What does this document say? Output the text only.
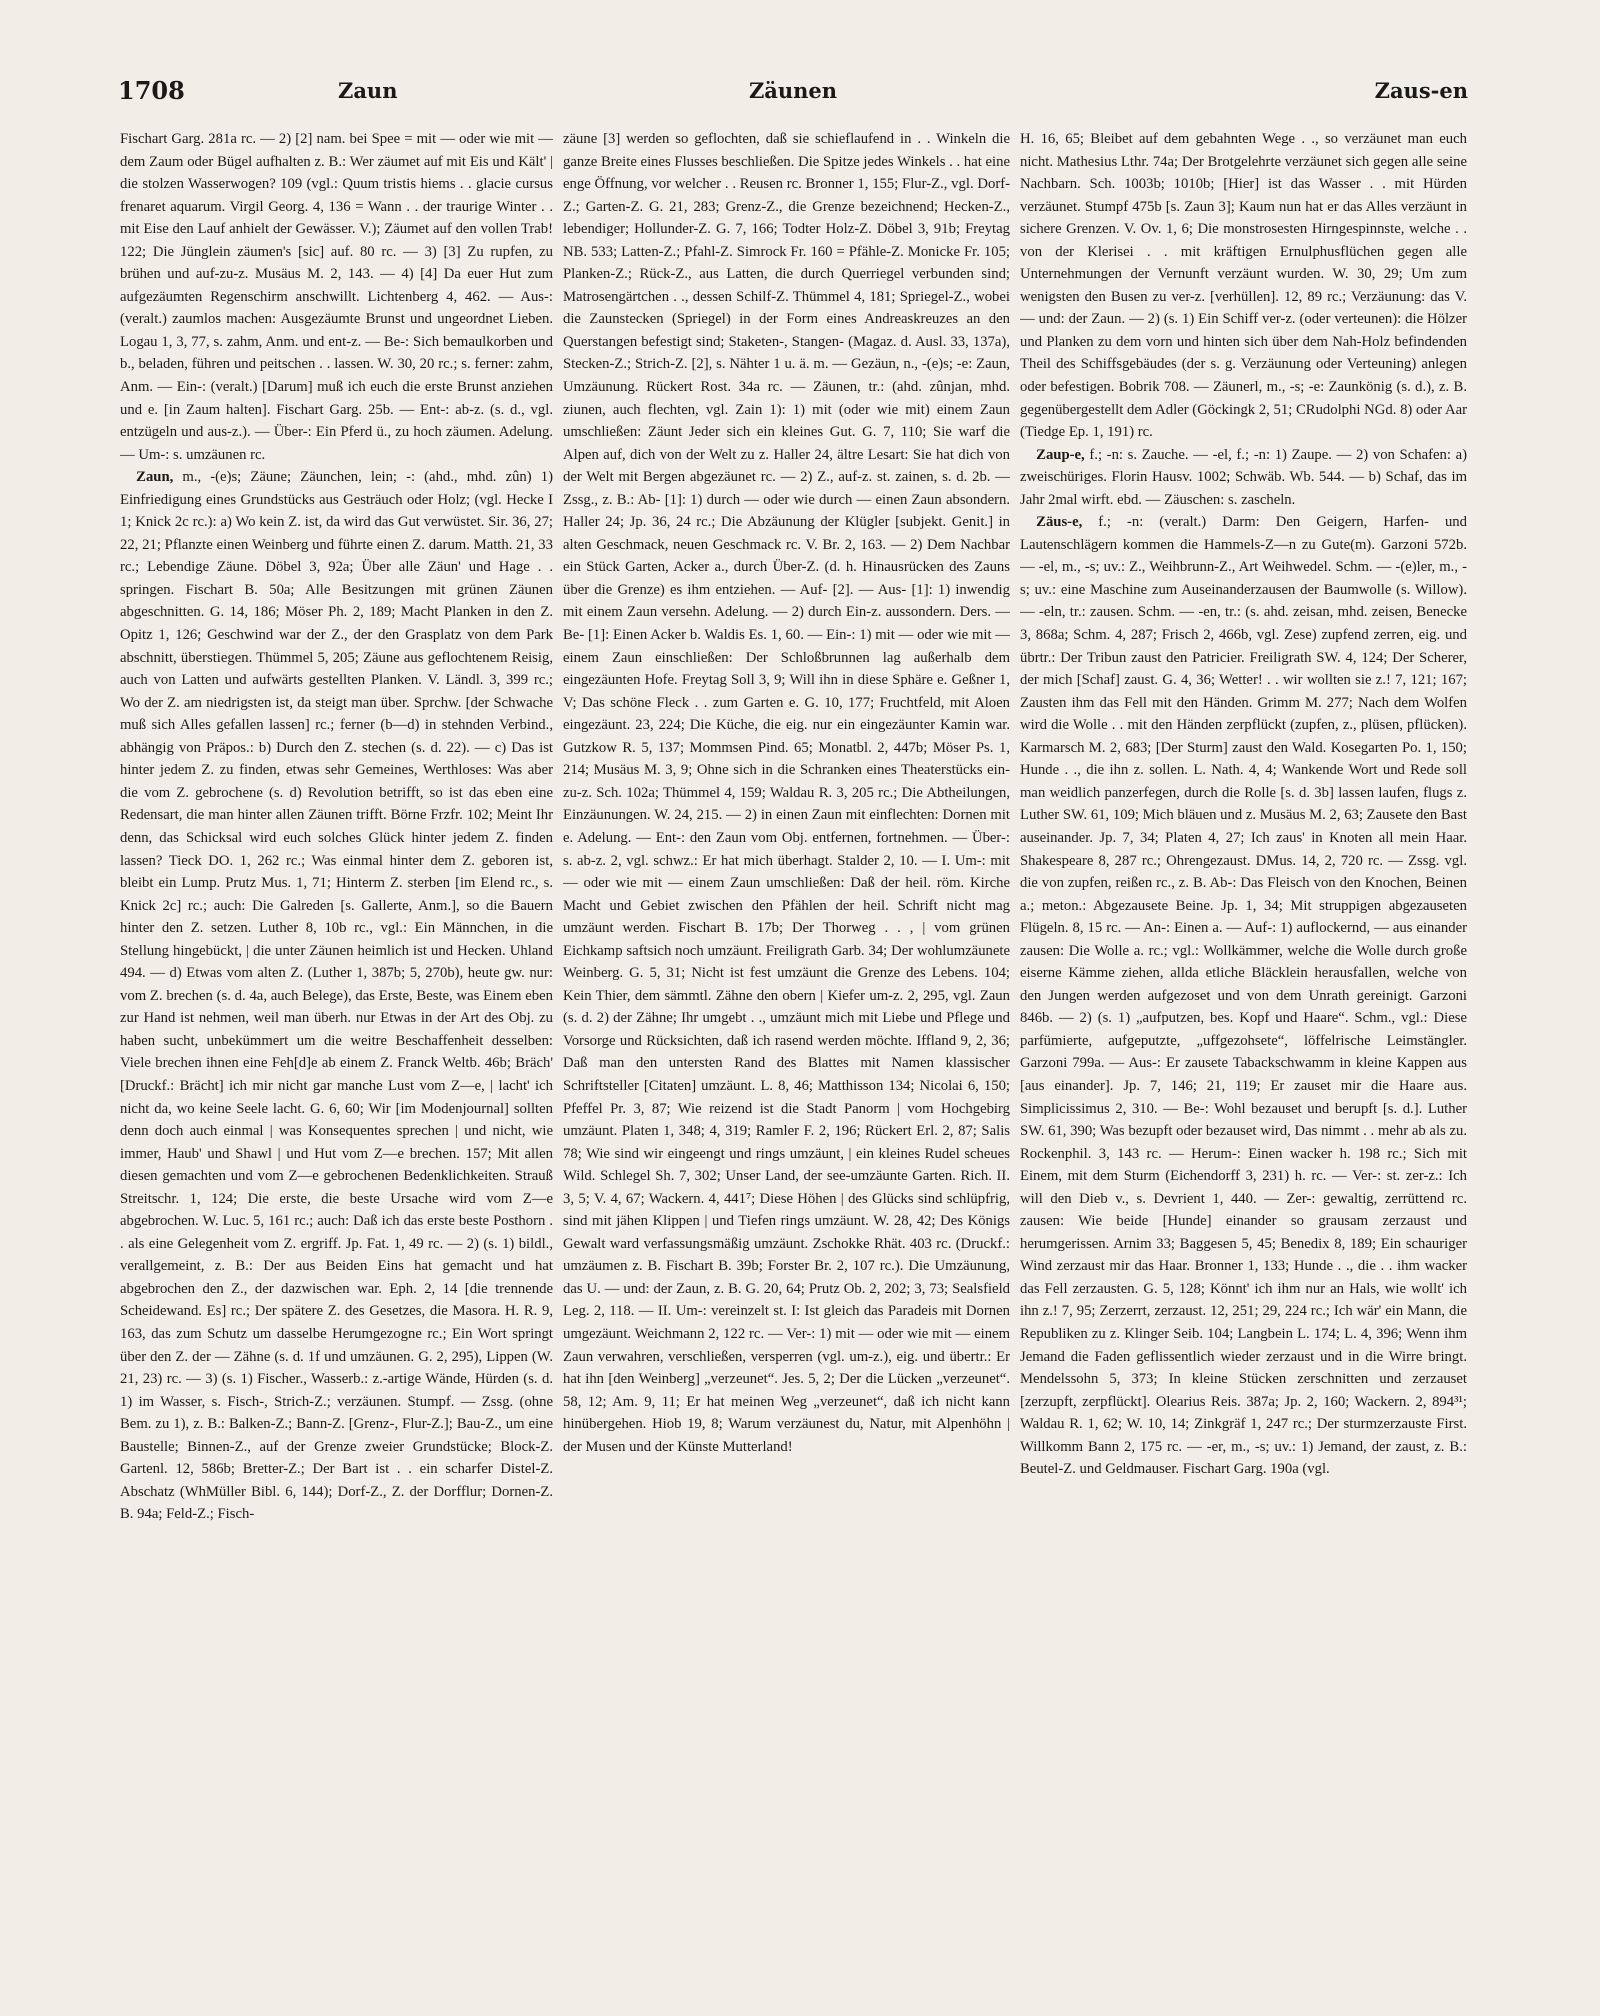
1708	Zaun	Zäunen	Zaus-en

Fischart Garg. 281a rc. — 2) [2] nam. bei Spee = mit — oder wie mit — dem Zaum oder Bügel aufhalten z. B.: Wer zäumet auf mit Eis und Kält' | die stolzen Wasserwogen? 109 (vgl.: Quum tristis hiems . . glacie cursus frenaret aquarum. Virgil Georg. 4, 136 = Wann . . der traurige Winter . . mit Eise den Lauf anhielt der Gewässer. V.); Zäumet auf den vollen Trab! 122; Die Jünglein zäumen's [sic] auf. 80 rc. — 3) [3] Zu rupfen, zu brühen und auf-zu-z. Musäus M. 2, 143. — 4) [4] Da euer Hut zum aufgezäumten Regenschirm anschwillt. Lichtenberg 4, 462. — Aus-: (veralt.) zaumlos machen: Ausgezäumte Brunst und ungeordnet Lieben. Logau 1, 3, 77, s. zahm, Anm. und ent-z. — Be-: Sich bemaulkorben und b., beladen, führen und peitschen . . lassen. W. 30, 20 rc.; s. ferner: zahm, Anm. — Ein-: (veralt.) [Darum] muß ich euch die erste Brunst anziehen und e. [in Zaum halten]. Fischart Garg. 25b. — Ent-: ab-z. (s. d., vgl. entzügeln und aus-z.). — Über-: Ein Pferd ü., zu hoch zäumen. Adelung. — Um-: s. umzäunen rc.

Zaun, m., -(e)s; Zäune; Zäunchen, lein; -: (ahd., mhd. zûn) 1) Einfriedigung eines Grundstücks aus Gesträuch oder Holz; (vgl. Hecke I 1; Knick 2c rc.): a) Wo kein Z. ist, da wird das Gut verwüstet. Sir. 36, 27; 22, 21; Pflanzte einen Weinberg und führte einen Z. darum. Matth. 21, 33 rc.; Lebendige Zäune. Döbel 3, 92a; Über alle Zäun' und Hage . . springen. Fischart B. 50a; Alle Besitzungen mit grünen Zäunen abgeschnitten. G. 14, 186; Möser Ph. 2, 189; Macht Planken in den Z. Opitz 1, 126; Geschwind war der Z., der den Grasplatz von dem Park abschnitt, überstiegen. Thümmel 5, 205; Zäune aus geflochtenem Reisig, auch von Latten und aufwärts gestellten Planken. V. Ländl. 3, 399 rc.; Wo der Z. am niedrigsten ist, da steigt man über. Sprchw. [der Schwache muß sich Alles gefallen lassen] rc.; ferner (b—d) in stehnden Verbind., abhängig von Präpos.: b) Durch den Z. stechen (s. d. 22). — c) Das ist hinter jedem Z. zu finden, etwas sehr Gemeines, Werthloses: Was aber die vom Z. gebrochene (s. d) Revolution betrifft, so ist das eben eine Redensart, die man hinter allen Zäunen trifft. Börne Frzfr. 102; Meint Ihr denn, das Schicksal wird euch solches Glück hinter jedem Z. finden lassen? Tieck DO. 1, 262 rc.; Was einmal hinter dem Z. geboren ist, bleibt ein Lump. Prutz Mus. 1, 71; Hinterm Z. sterben [im Elend rc., s. Knick 2c] rc.; auch: Die Galreden [s. Gallerte, Anm.], so die Bauern hinter den Z. setzen. Luther 8, 10b rc., vgl.: Ein Männchen, in die Stellung hingebückt, | die unter Zäunen heimlich ist und Hecken. Uhland 494. — d) Etwas vom alten Z. (Luther 1, 387b; 5, 270b), heute gw. nur: vom Z. brechen (s. d. 4a, auch Belege), das Erste, Beste, was Einem eben zur Hand ist nehmen, weil man überh. nur Etwas in der Art des Obj. zu haben sucht, unbekümmert um die weitre Beschaffenheit desselben: Viele brechen ihnen eine Feh[d]e ab einem Z. Franck Weltb. 46b; Bräch' [Druckf.: Brächt] ich mir nicht gar manche Lust vom Z—e, | lacht' ich nicht da, wo keine Seele lacht. G. 6, 60; Wir [im Modenjournal] sollten denn doch auch einmal | was Konsequentes sprechen | und nicht, wie immer, Haub' und Shawl | und Hut vom Z—e brechen. 157; Mit allen diesen gemachten und vom Z—e gebrochenen Bedenklichkeiten. Strauß Streitschr. 1, 124; Die erste, die beste Ursache wird vom Z—e abgebrochen. W. Luc. 5, 161 rc.; auch: Daß ich das erste beste Posthorn . . als eine Gelegenheit vom Z. ergriff. Jp. Fat. 1, 49 rc. — 2) (s. 1) bildl., verallgemeint, z. B.: Der aus Beiden Eins hat gemacht und hat abgebrochen den Z., der dazwischen war. Eph. 2, 14 [die trennende Scheidewand. Es] rc.; Der spätere Z. des Gesetzes, die Masora. H. R. 9, 163, das zum Schutz um dasselbe Herumgezogne rc.; Ein Wort springt über den Z. der — Zähne (s. d. 1f und umzäunen. G. 2, 295), Lippen (W. 21, 23) rc. — 3) (s. 1) Fischer., Wasserb.: z.-artige Wände, Hürden (s. d. 1) im Wasser, s. Fisch-, Strich-Z.; verzäunen. Stumpf. — Zssg. (ohne Bem. zu 1), z. B.: Balken-Z.; Bann-Z. [Grenz-, Flur-Z.]; Bau-Z., um eine Baustelle; Binnen-Z., auf der Grenze zweier Grundstücke; Block-Z. Gartenl. 12, 586b; Bretter-Z.; Der Bart ist . . ein scharfer Distel-Z. Abschatz (WhMüller Bibl. 6, 144); Dorf-Z., Z. der Dorfflur; Dornen-Z. B. 94a; Feld-Z.; Fisch-

zäune [3] werden so geflochten, daß sie schieflaufend in . . Winkeln die ganze Breite eines Flusses beschließen. Die Spitze jedes Winkels . . hat eine enge Öffnung, vor welcher . . Reusen rc. Bronner 1, 155; Flur-Z., vgl. Dorf-Z.; Garten-Z. G. 21, 283; Grenz-Z., die Grenze bezeichnend; Hecken-Z., lebendiger; Hollunder-Z. G. 7, 166; Todter Holz-Z. Döbel 3, 91b; Freytag NB. 533; Latten-Z.; Pfahl-Z. Simrock Fr. 160 = Pfähle-Z. Monicke Fr. 105; Planken-Z.; Rück-Z., aus Latten, die durch Querriegel verbunden sind; Matrosengärtchen . ., dessen Schilf-Z. Thümmel 4, 181; Spriegel-Z., wobei die Zaunstecken (Spriegel) in der Form eines Andreaskreuzes an den Querstangen befestigt sind; Staketen-, Stangen- (Magaz. d. Ausl. 33, 137a), Stecken-Z.; Strich-Z. [2], s. Nähter 1 u. ä. m. — Gezäun, n., -(e)s; -e: Zaun, Umzäunung. Rückert Rost. 34a rc. — Zäunen, tr.: (ahd. zûnjan, mhd. ziunen, auch flechten, vgl. Zain 1): 1) mit (oder wie mit) einem Zaun umschließen: Zäunt Jeder sich ein kleines Gut. G. 7, 110; Sie warf die Alpen auf, dich von der Welt zu z. Haller 24, ältre Lesart: Sie hat dich von der Welt mit Bergen abgezäunet rc. — 2) Z., auf-z. st. zainen, s. d. 2b. — Zssg., z. B.: Ab- [1]: 1) durch — oder wie durch — einen Zaun absondern. Haller 24; Jp. 36, 24 rc.; Die Abzäunung der Klügler [subjekt. Genit.] in alten Geschmack, neuen Geschmack rc. V. Br. 2, 163. — 2) Dem Nachbar ein Stück Garten, Acker a., durch Über-Z. (d. h. Hinausrücken des Zauns über die Grenze) es ihm entziehen. — Auf- [2]. — Aus- [1]: 1) inwendig mit einem Zaun versehn. Adelung. — 2) durch Ein-z. aussondern. Ders. — Be- [1]: Einen Acker b. Waldis Es. 1, 60. — Ein-: 1) mit — oder wie mit — einem Zaun einschließen: Der Schloßbrunnen lag außerhalb dem eingezäunten Hofe. Freytag Soll 3, 9; Will ihn in diese Sphäre e. Geßner 1, V; Das schöne Fleck . . zum Garten e. G. 10, 177; Fruchtfeld, mit Aloen eingezäunt. 23, 224; Die Küche, die eig. nur ein eingezäunter Kamin war. Gutzkow R. 5, 137; Mommsen Pind. 65; Monatbl. 2, 447b; Möser Ps. 1, 214; Musäus M. 3, 9; Ohne sich in die Schranken eines Theaterstücks ein-zu-z. Sch. 102a; Thümmel 4, 159; Waldau R. 3, 205 rc.; Die Abtheilungen, Einzäunungen. W. 24, 215. — 2) in einen Zaun mit einflechten: Dornen mit e. Adelung. — Ent-: den Zaun vom Obj. entfernen, fortnehmen. — Über-: s. ab-z. 2, vgl. schwz.: Er hat mich überhagt. Stalder 2, 10. — I. Um-: mit — oder wie mit — einem Zaun umschließen: Daß der heil. röm. Kirche Macht und Gebiet zwischen den Pfählen der heil. Schrift nicht mag umzäunt werden. Fischart B. 17b; Der Thorweg . . , | vom grünen Eichkamp saftsich noch umzäunt. Freiligrath Garb. 34; Der wohlumzäunete Weinberg. G. 5, 31; Nicht ist fest umzäunt die Grenze des Lebens. 104; Kein Thier, dem sämmtl. Zähne den obern | Kiefer um-z. 2, 295, vgl. Zaun (s. d. 2) der Zähne; Ihr umgebt . ., umzäunt mich mit Liebe und Pflege und Vorsorge und Rücksichten, daß ich rasend werden möchte. Iffland 9, 2, 36; Daß man den untersten Rand des Blattes mit Namen klassischer Schriftsteller [Citaten] umzäunt. L. 8, 46; Matthisson 134; Nicolai 6, 150; Pfeffel Pr. 3, 87; Wie reizend ist die Stadt Panorm | vom Hochgebirg umzäunt. Platen 1, 348; 4, 319; Ramler F. 2, 196; Rückert Erl. 2, 87; Salis 78; Wie sind wir eingeengt und rings umzäunt, | ein kleines Rudel scheues Wild. Schlegel Sh. 7, 302; Unser Land, der see-umzäunte Garten. Rich. II. 3, 5; V. 4, 67; Wackern. 4, 441⁷; Diese Höhen | des Glücks sind schlüpfrig, sind mit jähen Klippen | und Tiefen rings umzäunt. W. 28, 42; Des Königs Gewalt ward verfassungsmäßig umzäunt. Zschokke Rhät. 403 rc. (Druckf.: umzäumen z. B. Fischart B. 39b; Forster Br. 2, 107 rc.). Die Umzäunung, das U. — und: der Zaun, z. B. G. 20, 64; Prutz Ob. 2, 202; 3, 73; Sealsfield Leg. 2, 118. — II. Um-: vereinzelt st. I: Ist gleich das Paradeis mit Dornen umgezäunt. Weichmann 2, 122 rc. — Ver-: 1) mit — oder wie mit — einem Zaun verwahren, verschließen, versperren (vgl. um-z.), eig. und übertr.: Er hat ihn [den Weinberg] „verzeunet“. Jes. 5, 2; Der die Lücken „verzeunet“. 58, 12; Am. 9, 11; Er hat meinen Weg „verzeunet“, daß ich nicht kann hinübergehen. Hiob 19, 8; Warum verzäunest du, Natur, mit Alpenhöhn | der Musen und der Künste Mutterland!

H. 16, 65; Bleibet auf dem gebahnten Wege . ., so verzäunet man euch nicht. Mathesius Lthr. 74a; Der Brotgelehrte verzäunet sich gegen alle seine Nachbarn. Sch. 1003b; 1010b; [Hier] ist das Wasser . . mit Hürden verzäunet. Stumpf 475b [s. Zaun 3]; Kaum nun hat er das Alles verzäunt in sichere Grenzen. V. Ov. 1, 6; Die monstrosesten Hirngespinnste, welche . . von der Klerisei . . mit kräftigen Ernulphusflüchen gegen alle Unternehmungen der Vernunft verzäunt wurden. W. 30, 29; Um zum wenigsten den Busen zu ver-z. [verhüllen]. 12, 89 rc.; Verzäunung: das V. — und: der Zaun. — 2) (s. 1) Ein Schiff ver-z. (oder verteunen): die Hölzer und Planken zu dem vorn und hinten sich über dem Nah-Holz befindenden Theil des Schiffsgebäudes (der s. g. Verzäunung oder Verteuning) anlegen oder befestigen. Bobrik 708. — Zäunerl, m., -s; -e: Zaunkönig (s. d.), z. B. gegenübergestellt dem Adler (Göckingk 2, 51; CRudolphi NGd. 8) oder Aar (Tiedge Ep. 1, 191) rc.

Zaup-e, f.; -n: s. Zauche. — -el, f.; -n: 1) Zaupe. — 2) von Schafen: a) zweischüriges. Florin Hausv. 1002; Schwäb. Wb. 544. — b) Schaf, das im Jahr 2mal wirft. ebd. — Zäuschen: s. zascheln.

Zäus-e, f.; -n: (veralt.) Darm: Den Geigern, Harfen- und Lautenschlägern kommen die Hammels-Z—n zu Gute(m). Garzoni 572b. — -el, m., -s; uv.: Z., Weihbrunn-Z., Art Weihwedel. Schm. — -(e)ler, m., -s; uv.: eine Maschine zum Auseinanderzausen der Baumwolle (s. Willow). — -eln, tr.: zausen. Schm. — -en, tr.: (s. ahd. zeisan, mhd. zeisen, Benecke 3, 868a; Schm. 4, 287; Frisch 2, 466b, vgl. Zese) zupfend zerren, eig. und übrtr.: Der Tribun zaust den Patricier. Freiligrath SW. 4, 124; Der Scherer, der mich [Schaf] zaust. G. 4, 36; Wetter! . . wir wollten sie z.! 7, 121; 167; Zausten ihm das Fell mit den Händen. Grimm M. 277; Nach dem Wolfen wird die Wolle . . mit den Händen zerpflückt (zupfen, z., plüsen, pflücken). Karmarsch M. 2, 683; [Der Sturm] zaust den Wald. Kosegarten Po. 1, 150; Hunde . ., die ihn z. sollen. L. Nath. 4, 4; Wankende Wort und Rede soll man weidlich panzerfegen, durch die Rolle [s. d. 3b] lassen laufen, flugs z. Luther SW. 61, 109; Mich bläuen und z. Musäus M. 2, 63; Zausete den Bast auseinander. Jp. 7, 34; Platen 4, 27; Ich zaus' in Knoten all mein Haar. Shakespeare 8, 287 rc.; Ohrengezaust. DMus. 14, 2, 720 rc. — Zssg. vgl. die von zupfen, reißen rc., z. B. Ab-: Das Fleisch von den Knochen, Beinen a.; meton.: Abgezausete Beine. Jp. 1, 34; Mit struppigen abgezauseten Flügeln. 8, 15 rc. — An-: Einen a. — Auf-: 1) auflockernd, — aus einander zausen: Die Wolle a. rc.; vgl.: Wollkämmer, welche die Wolle durch große eiserne Kämme ziehen, allda etliche Bläcklein herausfallen, welche von den Jungen werden aufgezoset und von dem Unrath gereinigt. Garzoni 846b. — 2) (s. 1) „aufputzen, bes. Kopf und Haare“. Schm., vgl.: Diese parfümierte, aufgeputzte, „uffgezohsete“, löffelrische Leimstängler. Garzoni 799a. — Aus-: Er zausete Tabackschwamm in kleine Kappen aus [aus einander]. Jp. 7, 146; 21, 119; Er zauset mir die Haare aus. Simplicissimus 2, 310. — Be-: Wohl bezauset und berupft [s. d.]. Luther SW. 61, 390; Was bezupft oder bezauset wird, Das nimmt . . mehr ab als zu. Rockenphil. 3, 143 rc. — Herum-: Einen wacker h. 198 rc.; Sich mit Einem, mit dem Sturm (Eichendorff 3, 231) h. rc. — Ver-: st. zer-z.: Ich will den Dieb v., s. Devrient 1, 440. — Zer-: gewaltig, zerrüttend rc. zausen: Wie beide [Hunde] einander so grausam zerzaust und herumgerissen. Arnim 33; Baggesen 5, 45; Benedix 8, 189; Ein schauriger Wind zerzaust mir das Haar. Bronner 1, 133; Hunde . ., die . . ihm wacker das Fell zerzausten. G. 5, 128; Könnt' ich ihm nur an Hals, wie wollt' ich ihn z.! 7, 95; Zerzerrt, zerzaust. 12, 251; 29, 224 rc.; Ich wär' ein Mann, die Republiken zu z. Klinger Seib. 104; Langbein L. 174; L. 4, 396; Wenn ihm Jemand die Faden geflissentlich wieder zerzaust und in die Wirre bringt. Mendelssohn 5, 373; In kleine Stücken zerschnitten und zerzauset [zerzupft, zerpflückt]. Olearius Reis. 387a; Jp. 2, 160; Wackern. 2, 894³¹; Waldau R. 1, 62; W. 10, 14; Zinkgräf 1, 247 rc.; Der sturmzerzauste First. Willkomm Bann 2, 175 rc. — -er, m., -s; uv.: 1) Jemand, der zaust, z. B.: Beutel-Z. und Geldmauser. Fischart Garg. 190a (vgl.
